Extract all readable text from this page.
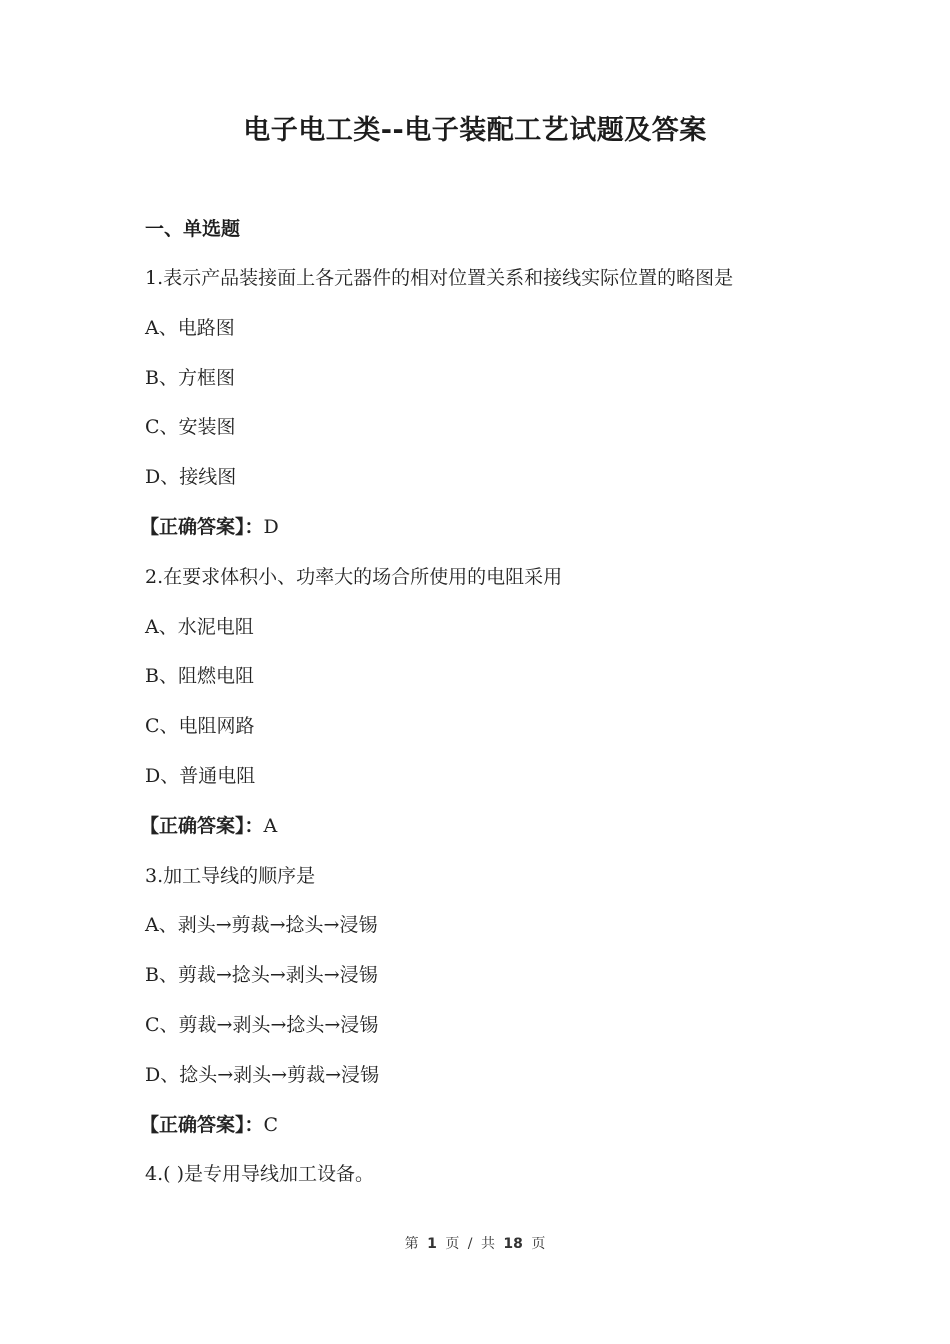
电子电工类--电子装配工艺试题及答案
一、单选题
1.表示产品装接面上各元器件的相对位置关系和接线实际位置的略图是
A、电路图
B、方框图
C、安装图
D、接线图
【正确答案】：D
2.在要求体积小、功率大的场合所使用的电阻采用
A、水泥电阻
B、阻燃电阻
C、电阻网路
D、普通电阻
【正确答案】：A
3.加工导线的顺序是
A、剥头→剪裁→捻头→浸锡
B、剪裁→捻头→剥头→浸锡
C、剪裁→剥头→捻头→浸锡
D、捻头→剥头→剪裁→浸锡
【正确答案】：C
4.( )是专用导线加工设备。
第 1 页 / 共 18 页
